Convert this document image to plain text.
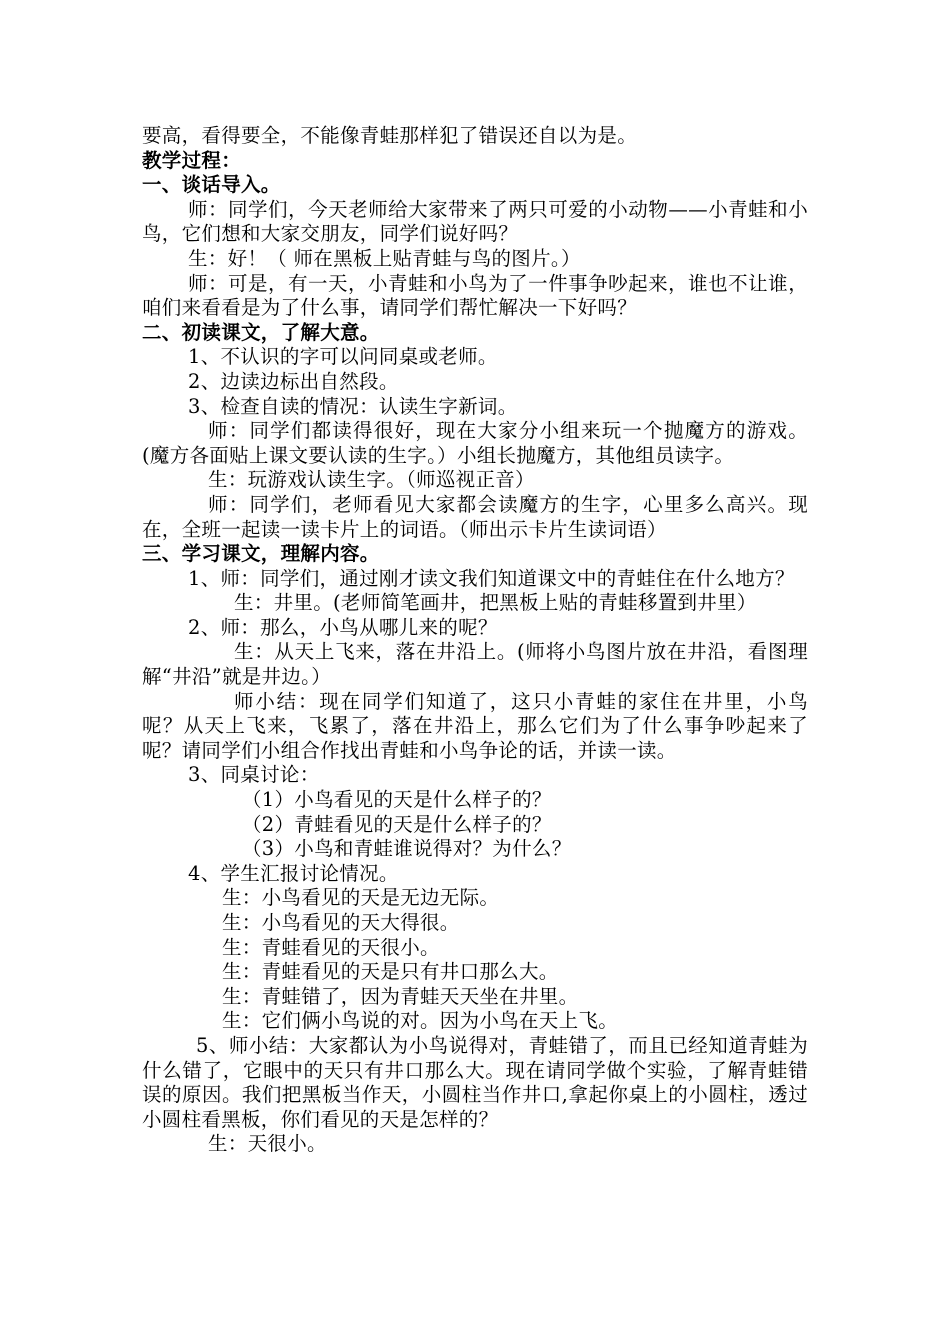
要高，看得要全，不能像青蛙那样犯了错误还自以为是。

教学过程：

一、谈话导入。

师：同学们，今天老师给大家带来了两只可爱的小动物——小青蛙和小鸟，它们想和大家交朋友，同学们说好吗？

生：好！（ 师在黑板上贴青蛙与鸟的图片。）

师：可是，有一天，小青蛙和小鸟为了一件事争吵起来，谁也不让谁，咱们来看看是为了什么事，请同学们帮忙解决一下好吗？

二、初读课文，了解大意。

1、不认识的字可以问同桌或老师。

2、边读边标出自然段。

3、检查自读的情况：认读生字新词。

师：同学们都读得很好，现在大家分小组来玩一个抛魔方的游戏。(魔方各面贴上课文要认读的生字。）小组长抛魔方，其他组员读字。

生：玩游戏认读生字。（师巡视正音）

师：同学们，老师看见大家都会读魔方的生字，心里多么高兴。现在，全班一起读一读卡片上的词语。（师出示卡片生读词语）

三、学习课文，理解内容。

1、师：同学们，通过刚才读文我们知道课文中的青蛙住在什么地方？

生：井里。(老师简笔画井，把黑板上贴的青蛙移置到井里）

2、师：那么，小鸟从哪儿来的呢？

生：从天上飞来，落在井沿上。(师将小鸟图片放在井沿，看图理解“井沿”就是井边。）

师小结：现在同学们知道了，这只小青蛙的家住在井里，小鸟呢？从天上飞来，飞累了，落在井沿上，那么它们为了什么事争吵起来了呢？请同学们小组合作找出青蛙和小鸟争论的话，并读一读。

3、同桌讨论：

（1）小鸟看见的天是什么样子的？

（2）青蛙看见的天是什么样子的？

（3）小鸟和青蛙谁说得对？为什么？

4、学生汇报讨论情况。

生：小鸟看见的天是无边无际。

生：小鸟看见的天大得很。

生：青蛙看见的天很小。

生：青蛙看见的天是只有井口那么大。

生：青蛙错了，因为青蛙天天坐在井里。

生：它们俩小鸟说的对。因为小鸟在天上飞。

5、师小结：大家都认为小鸟说得对，青蛙错了，而且已经知道青蛙为什么错了，它眼中的天只有井口那么大。现在请同学做个实验，了解青蛙错误的原因。我们把黑板当作天，小圆柱当作井口,拿起你桌上的小圆柱，透过小圆柱看黑板，你们看见的天是怎样的？

生：天很小。
